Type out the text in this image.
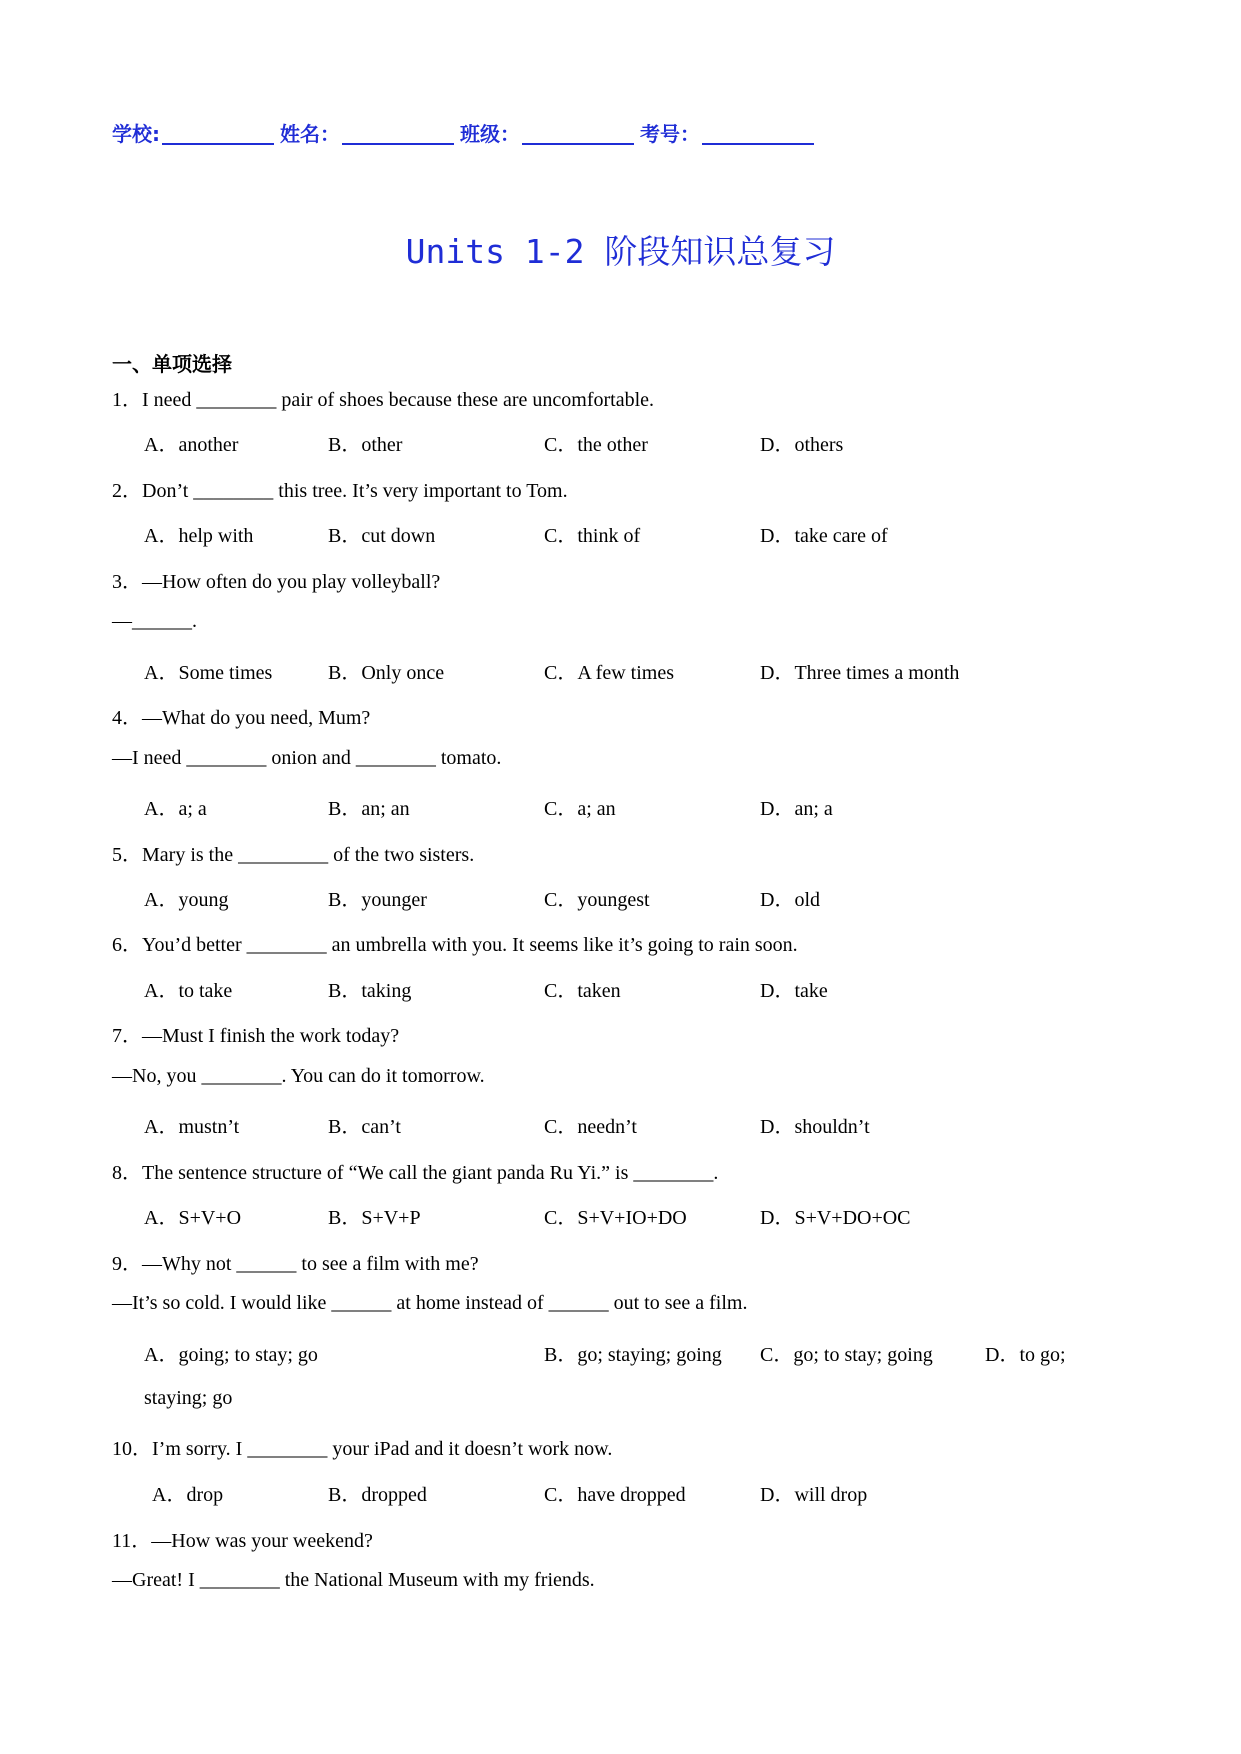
学校:	姓名：	班级：	考号：
Units 1-2 阶段知识总复习
一、单项选择
1．I need ________ pair of shoes because these are uncomfortable.
A．another	B．other	C．the other	D．others
2．Don’t ________ this tree. It’s very important to Tom.
A．help with	B．cut down	C．think of	D．take care of
3．—How often do you play volleyball?
—______.
A．Some times	B．Only once	C．A few times	D．Three times a month
4．—What do you need, Mum?
—I need ________ onion and ________ tomato.
A．a; a	B．an; an	C．a; an	D．an; a
5．Mary is the _________ of the two sisters.
A．young	B．younger	C．youngest	D．old
6．You’d better ________ an umbrella with you. It seems like it’s going to rain soon.
A．to take	B．taking	C．taken	D．take
7．—Must I finish the work today?
—No, you ________. You can do it tomorrow.
A．mustn’t	B．can’t	C．needn’t	D．shouldn’t
8．The sentence structure of “We call the giant panda Ru Yi.” is ________.
A．S+V+O	B．S+V+P	C．S+V+IO+DO	D．S+V+DO+OC
9．—Why not ______ to see a film with me?
—It’s so cold. I would like ______ at home instead of ______ out to see a film.
A．going; to stay; go	B．go; staying; going C．go; to stay; going	D．to go;
staying; go
10．I’m sorry. I ________ your iPad and it doesn’t work now.
A．drop	B．dropped	C．have dropped	D．will drop
11．—How was your weekend?
—Great! I ________ the National Museum with my friends.
